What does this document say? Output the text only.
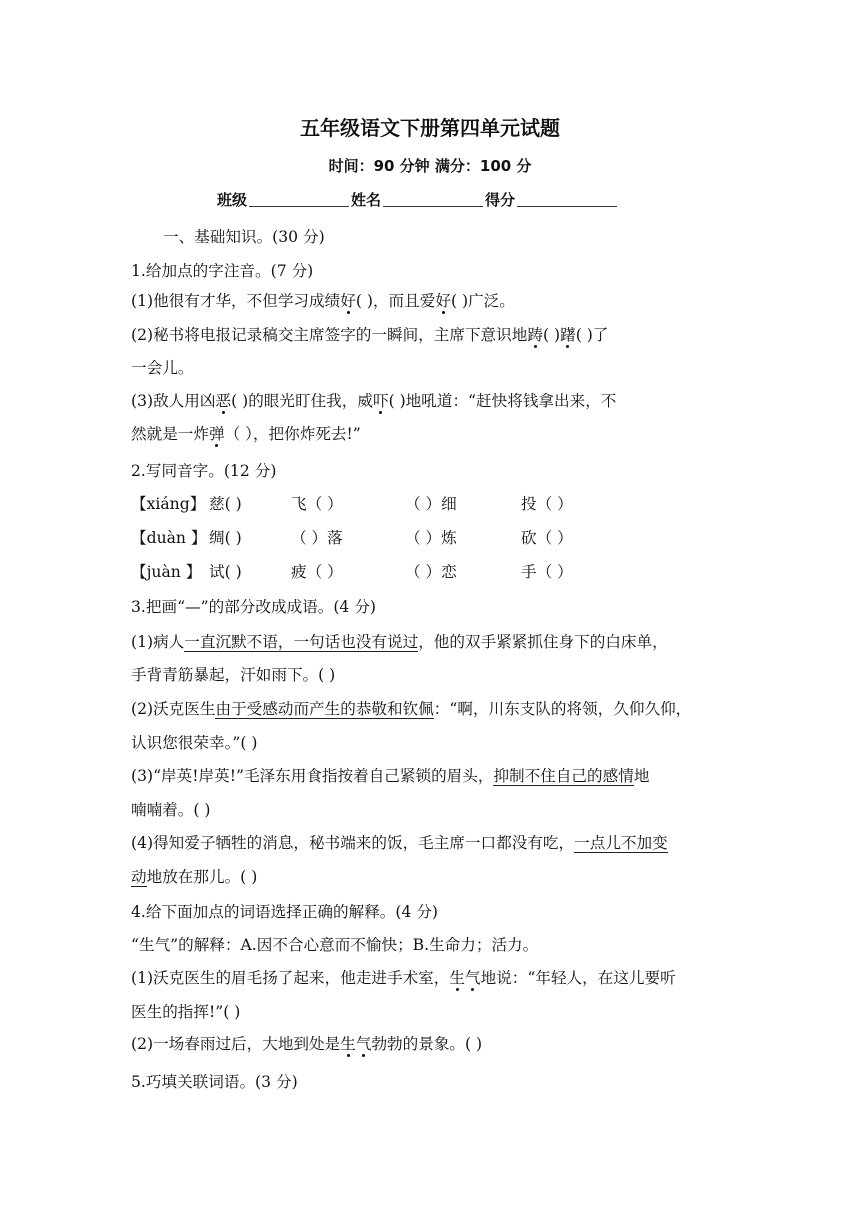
五年级语文下册第四单元试题
时间：90 分钟 满分：100 分
班级	姓名	得分
一、基础知识。(30 分)
1.给加点的字注音。(7 分)
(1)他很有才华，不但学习成绩好( )，而且爱好( )广泛。
(2)秘书将电报记录稿交主席签字的一瞬间，主席下意识地踌( )躇( )了
一会儿。
(3)敌人用凶恶( )的眼光盯住我，威吓( )地吼道：“赶快将钱拿出来，不
然就是一炸弹（ ），把你炸死去!”
2.写同音字。(12 分)
【xiáng】 慈( )	飞（ ）	（ ）细	投（ ）
【duàn 】 绸( )	（ ）落	（ ）炼	砍（ ）
【juàn 】 试( )	疲（ ）	（ ）恋	手（ ）
3.把画“—”的部分改成成语。(4 分)
(1)病人一直沉默不语，一句话也没有说过，他的双手紧紧抓住身下的白床单，
手背青筋暴起，汗如雨下。( )
(2)沃克医生由于受感动而产生的恭敬和钦佩：“啊，川东支队的将领，久仰久仰，
认识您很荣幸。”( )
(3)“岸英!岸英!”毛泽东用食指按着自己紧锁的眉头，抑制不住自己的感情地
喃喃着。( )
(4)得知爱子牺牲的消息，秘书端来的饭，毛主席一口都没有吃，一点儿不加变
动地放在那儿。( )
4.给下面加点的词语选择正确的解释。(4 分)
“生气”的解释：A.因不合心意而不愉快；B.生命力；活力。
(1)沃克医生的眉毛扬了起来，他走进手术室，生气地说：“年轻人，在这儿要听
医生的指挥!”( )
(2)一场春雨过后，大地到处是生气勃勃的景象。( )
5.巧填关联词语。(3 分)
